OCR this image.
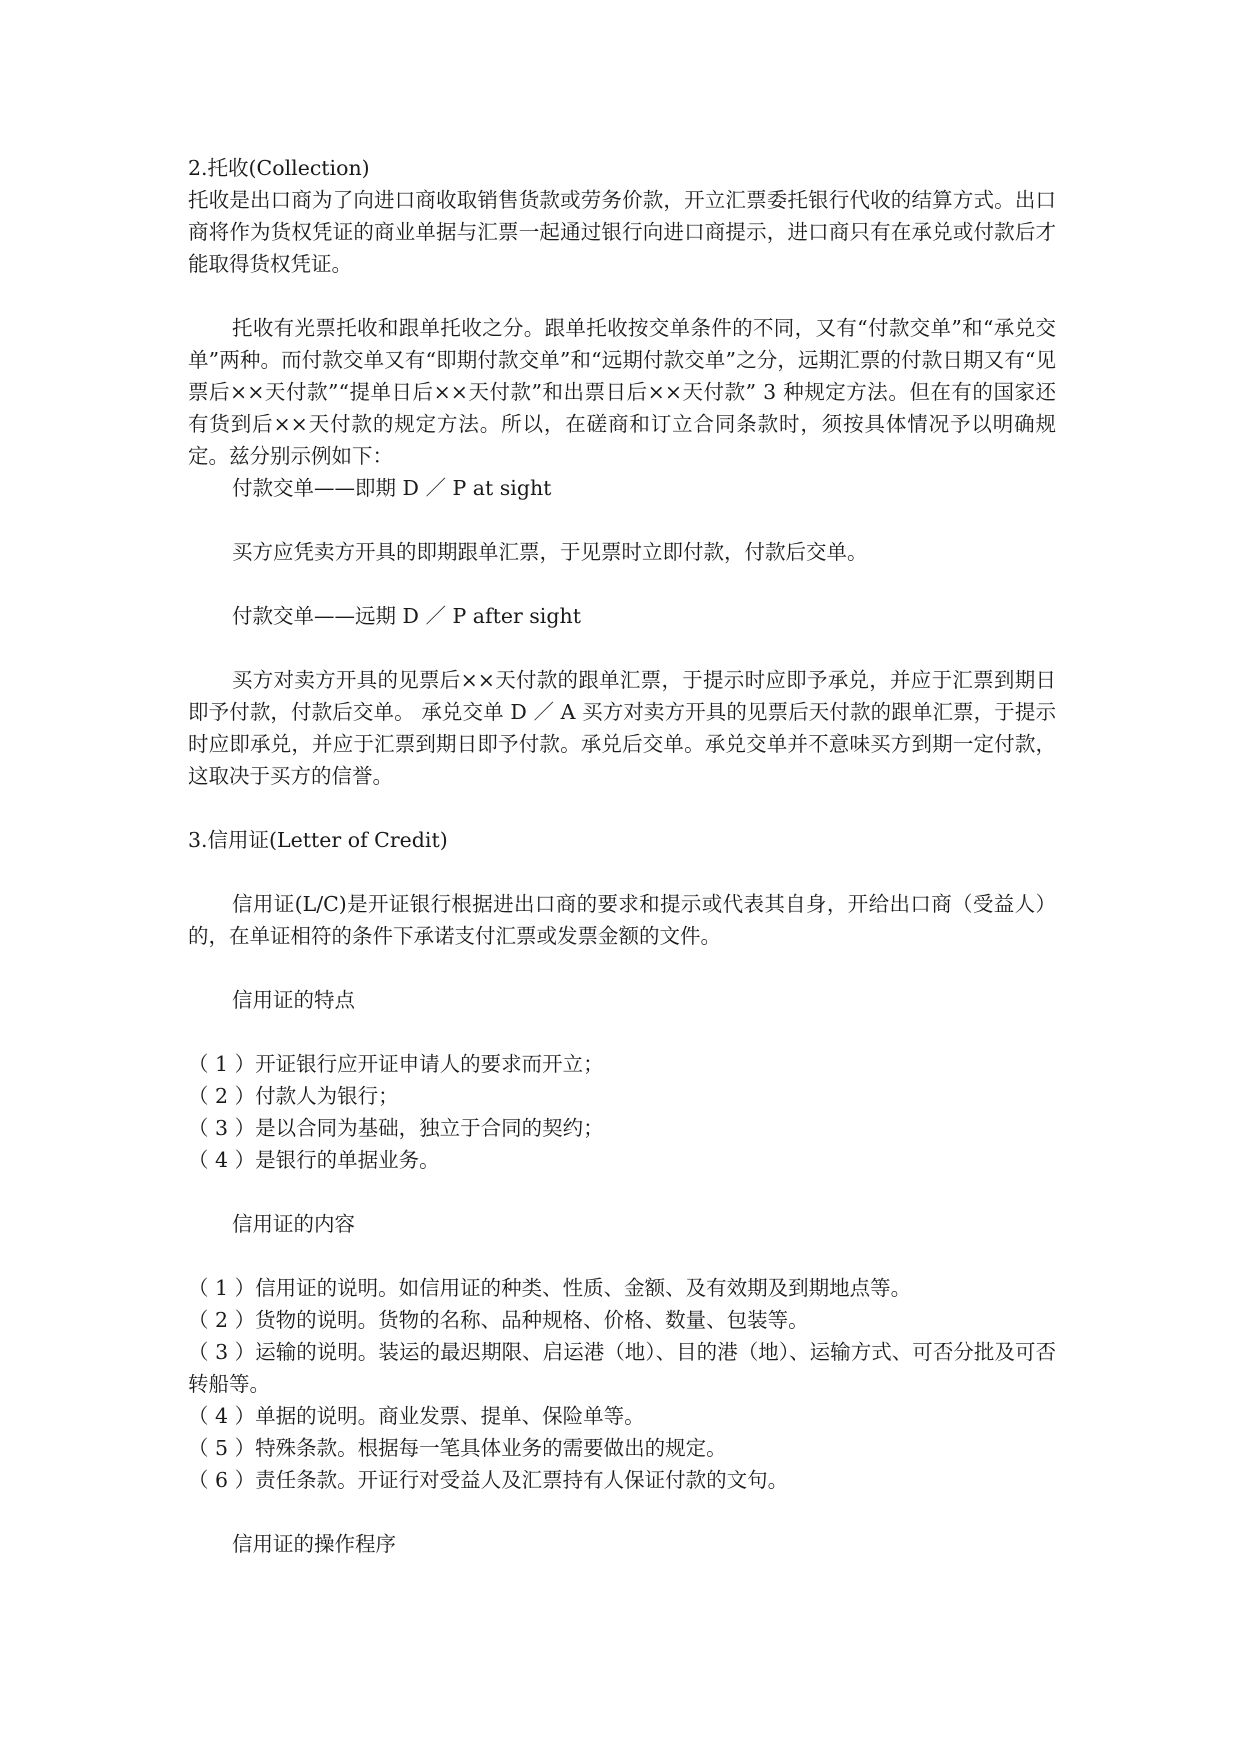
2.托收(Collection)

托收是出口商为了向进口商收取销售货款或劳务价款，开立汇票委托银行代收的结算方式。出口商将作为货权凭证的商业单据与汇票一起通过银行向进口商提示，进口商只有在承兑或付款后才能取得货权凭证。

托收有光票托收和跟单托收之分。跟单托收按交单条件的不同，又有“付款交单”和“承兑交单”两种。而付款交单又有“即期付款交单”和“远期付款交单”之分，远期汇票的付款日期又有“见票后××天付款”“提单日后××天付款”和出票日后××天付款” 3 种规定方法。但在有的国家还有货到后××天付款的规定方法。所以，在磋商和订立合同条款时，须按具体情况予以明确规定。兹分别示例如下：

付款交单——即期 D ／ P at sight

买方应凭卖方开具的即期跟单汇票，于见票时立即付款，付款后交单。

付款交单——远期 D ／ P after sight

买方对卖方开具的见票后××天付款的跟单汇票，于提示时应即予承兑，并应于汇票到期日即予付款，付款后交单。 承兑交单 D ／ A 买方对卖方开具的见票后天付款的跟单汇票，于提示时应即承兑，并应于汇票到期日即予付款。承兑后交单。承兑交单并不意味买方到期一定付款，这取决于买方的信誉。

3.信用证(Letter of Credit)

信用证(L/C)是开证银行根据进出口商的要求和提示或代表其自身，开给出口商（受益人）的，在单证相符的条件下承诺支付汇票或发票金额的文件。

信用证的特点

（ 1 ）开证银行应开证申请人的要求而开立；

（ 2 ）付款人为银行；

（ 3 ）是以合同为基础，独立于合同的契约；

（ 4 ）是银行的单据业务。

信用证的内容

（ 1 ）信用证的说明。如信用证的种类、性质、金额、及有效期及到期地点等。

（ 2 ）货物的说明。货物的名称、品种规格、价格、数量、包装等。

（ 3 ）运输的说明。装运的最迟期限、启运港（地）、目的港（地）、运输方式、可否分批及可否转船等。

（ 4 ）单据的说明。商业发票、提单、保险单等。

（ 5 ）特殊条款。根据每一笔具体业务的需要做出的规定。

（ 6 ）责任条款。开证行对受益人及汇票持有人保证付款的文句。

信用证的操作程序
